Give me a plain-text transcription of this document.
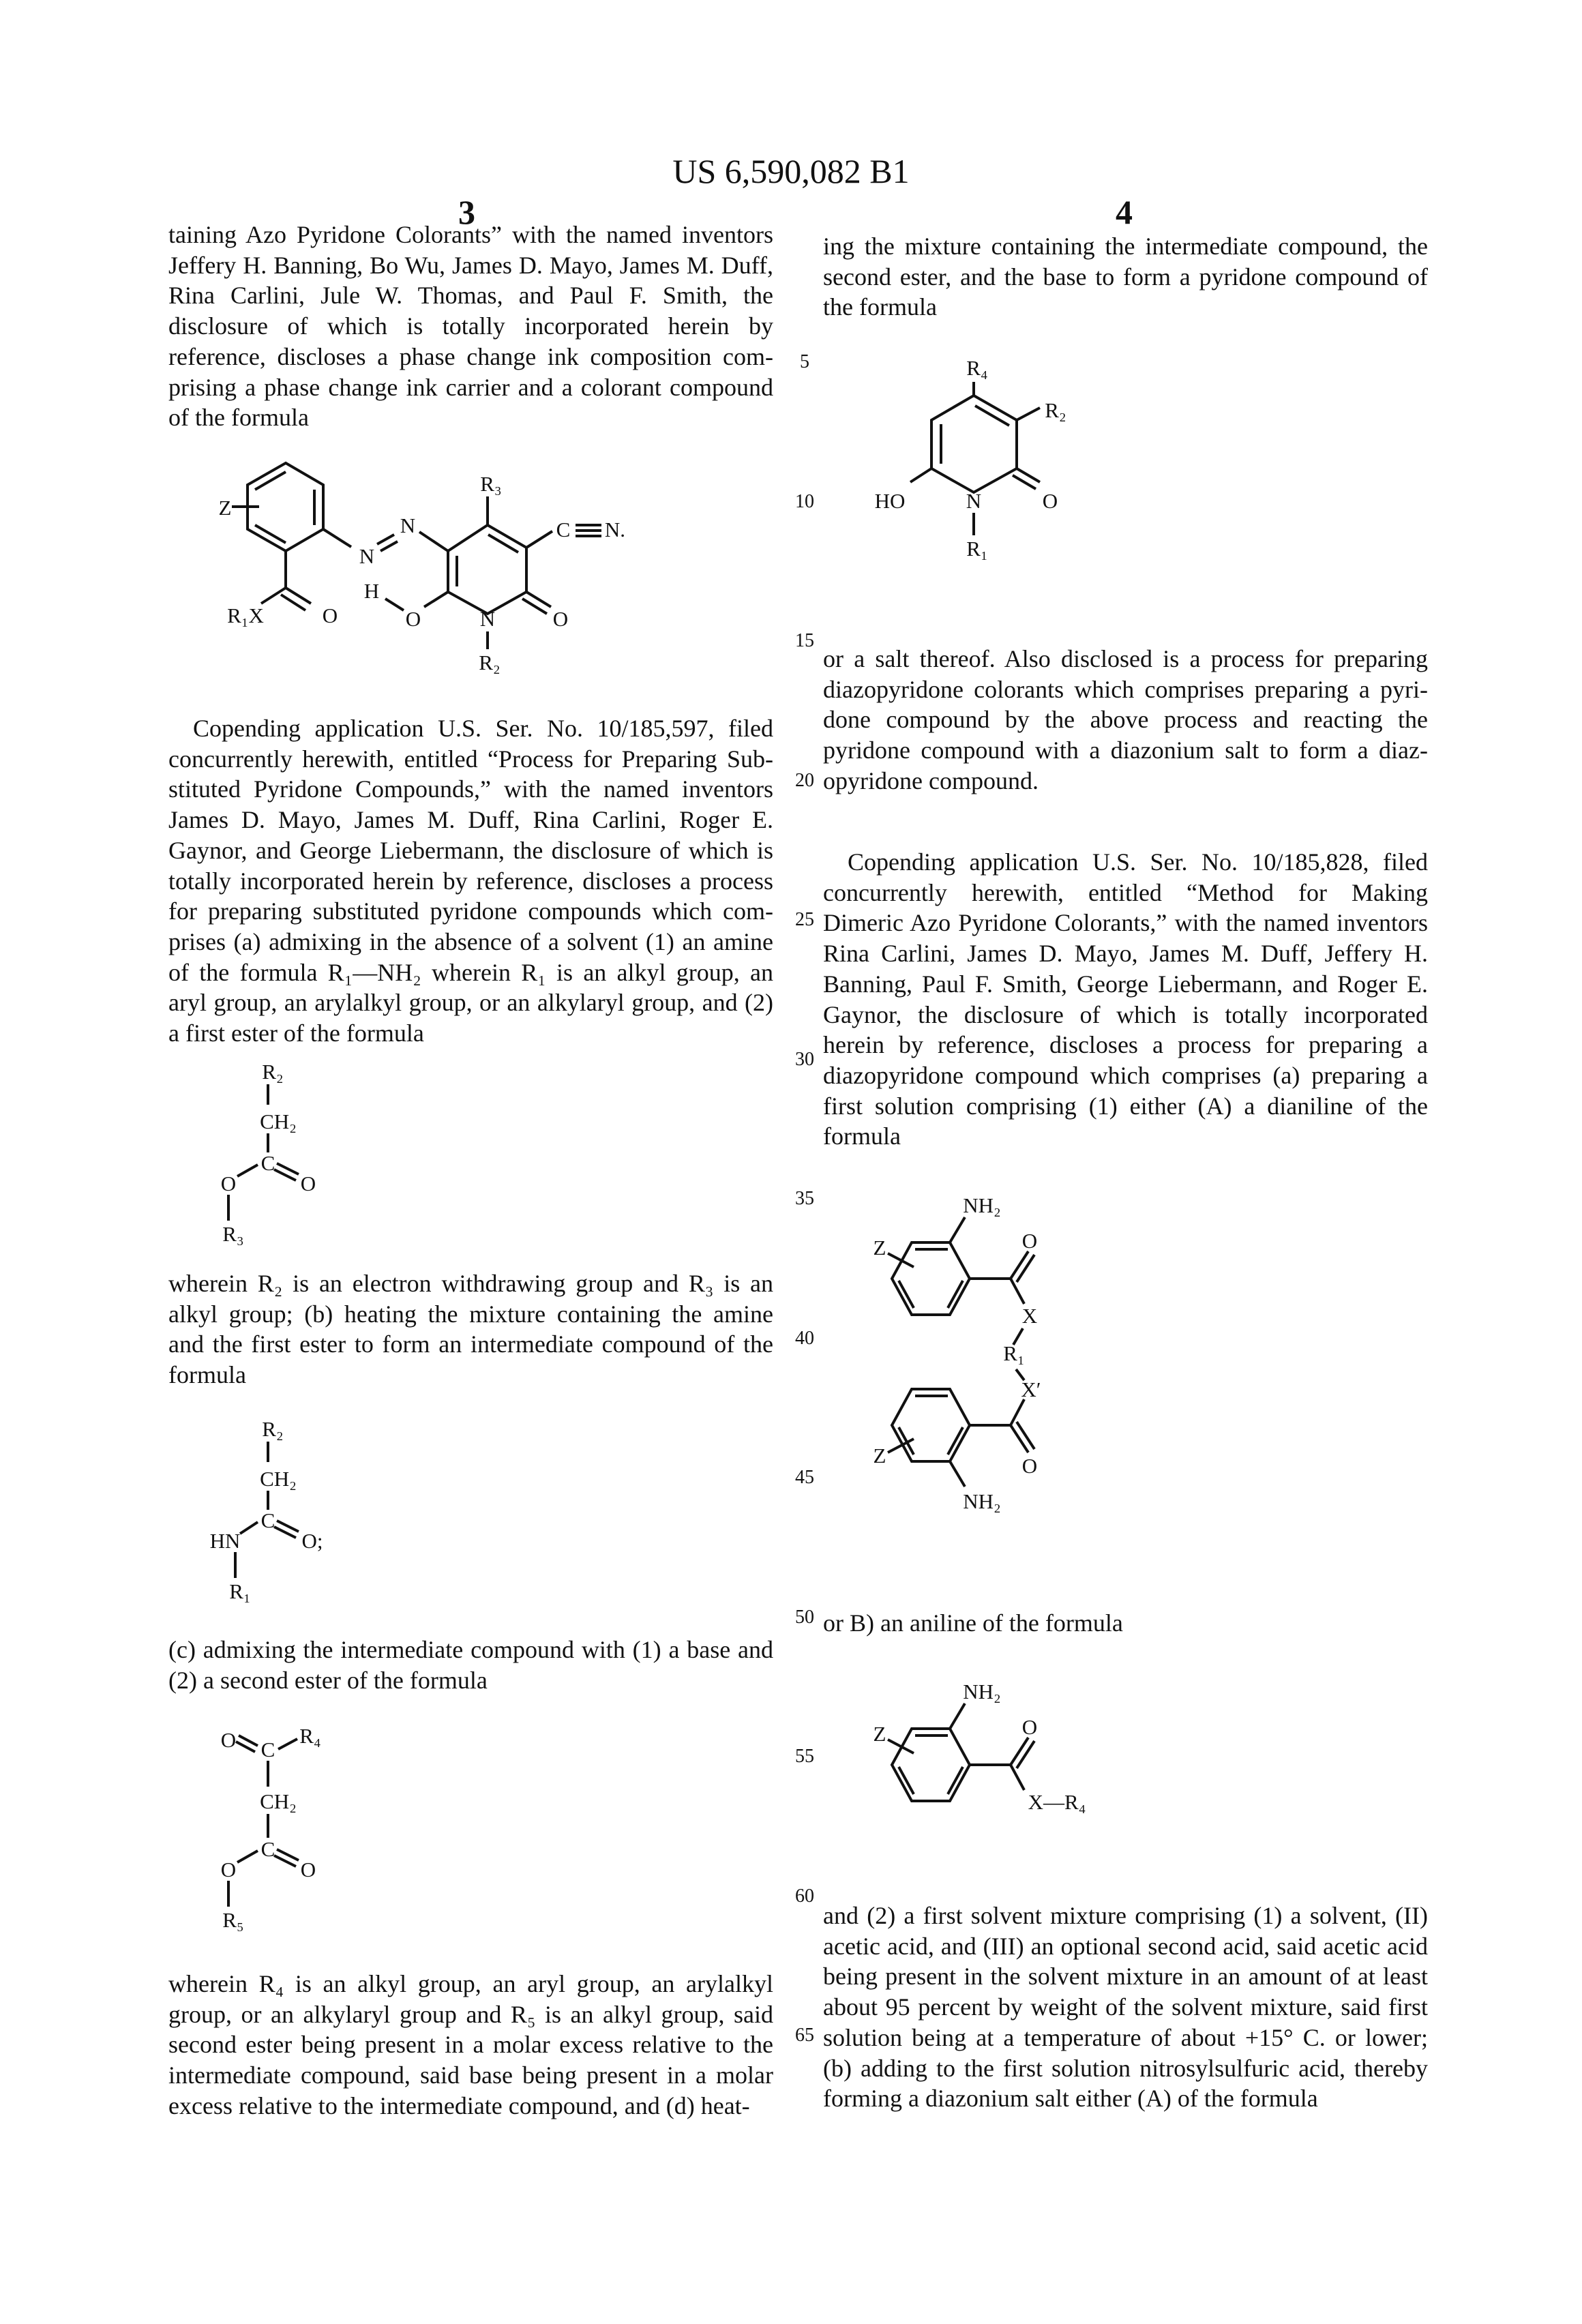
US 6,590,082 B1
3	4
taining Azo Pyridone Colorants” with the named inventors
Jeffery H. Banning, Bo Wu, James D. Mayo, James M. Duff,
Rina Carlini, Jule W. Thomas, and Paul F. Smith, the
disclosure of which is totally incorporated herein by
reference, discloses a phase change ink composition com-
prising a phase change ink carrier and a colorant compound
of the formula
Copending application U.S. Ser. No. 10/185,597, filed
concurrently herewith, entitled “Process for Preparing Sub-
stituted Pyridone Compounds,” with the named inventors
James D. Mayo, James M. Duff, Rina Carlini, Roger E.
Gaynor, and George Liebermann, the disclosure of which is
totally incorporated herein by reference, discloses a process
for preparing substituted pyridone compounds which com-
prises (a) admixing in the absence of a solvent (1) an amine
of the formula R₁—NH₂ wherein R₁ is an alkyl group, an
aryl group, an arylalkyl group, or an alkylaryl group, and (2)
a first ester of the formula
wherein R₂ is an electron withdrawing group and R₃ is an
alkyl group; (b) heating the mixture containing the amine
and the first ester to form an intermediate compound of the
formula
(c) admixing the intermediate compound with (1) a base and
(2) a second ester of the formula
wherein R₄ is an alkyl group, an aryl group, an arylalkyl
group, or an alkylaryl group and R₅ is an alkyl group, said
second ester being present in a molar excess relative to the
intermediate compound, said base being present in a molar
excess relative to the intermediate compound, and (d) heat-
ing the mixture containing the intermediate compound, the
second ester, and the base to form a pyridone compound of
the formula
or a salt thereof. Also disclosed is a process for preparing
diazopyridone colorants which comprises preparing a pyri-
done compound by the above process and reacting the
pyridone compound with a diazonium salt to form a diaz-
opyridone compound.
Copending application U.S. Ser. No. 10/185,828, filed
concurrently herewith, entitled “Method for Making
Dimeric Azo Pyridone Colorants,” with the named inventors
Rina Carlini, James D. Mayo, James M. Duff, Jeffery H.
Banning, Paul F. Smith, George Liebermann, and Roger E.
Gaynor, the disclosure of which is totally incorporated
herein by reference, discloses a process for preparing a
diazopyridone compound which comprises (a) preparing a
first solution comprising (1) either (A) a dianiline of the
formula
or B) an aniline of the formula
and (2) a first solvent mixture comprising (1) a solvent, (II)
acetic acid, and (III) an optional second acid, said acetic acid
being present in the solvent mixture in an amount of at least
about 95 percent by weight of the solvent mixture, said first
solution being at a temperature of about +15° C. or lower;
(b) adding to the first solution nitrosylsulfuric acid, thereby
forming a diazonium salt either (A) of the formula
5
10
15
20
25
30
35
40
45
50
55
60
65
Z
R₁X	O
N
N
R₃
C N.
O
N
R₂
O
H
R₂
CH₂
C
O	O
R₃
R₂
CH₂
C
HN	O;
R₁
O C
R₄
CH₂
C
O	O
R₅
R₄
R₂
O
N
HO
R₁
NH₂
Z	O
X
R₁
X′
O
Z
NH₂
NH₂
Z	O
X—R₄
